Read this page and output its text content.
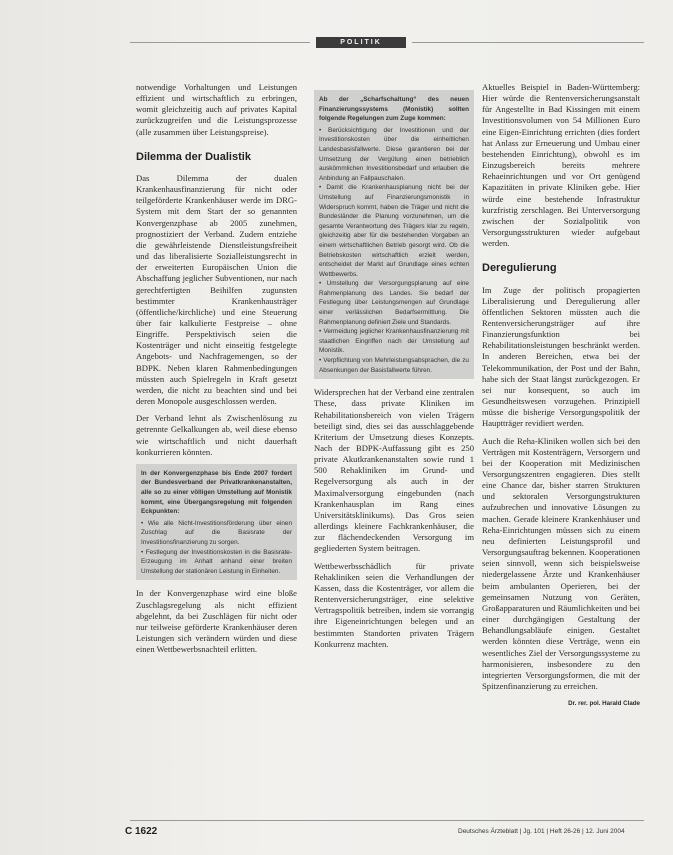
POLITIK

notwendige Vorhaltungen und Leistungen effizient und wirtschaftlich zu erbringen, womit gleichzeitig auch auf privates Kapital zurückzugreifen und die Leistungsprozesse (alle zusammen über Leistungspreise).

Dilemma der Dualistik

Das Dilemma der dualen Krankenhausfinanzierung für nicht oder teilgeförderte Krankenhäuser werde im DRG-System mit dem Start der so genannten Konvergenzphase ab 2005 zunehmen, prognostiziert der Verband. Zudem entziehe die gewährleistende Dienstleistungsfreiheit und das liberalisierte Sozialleistungsrecht in der erweiterten Europäischen Union die Abschaffung jeglicher Subventionen, nur nach gerechtfertigten Beihilfen zugunsten bestimmter Krankenhausträger (öffentliche/kirchliche) und eine Steuerung über fair kalkulierte Festpreise – ohne Eingriffe. Perspektivisch seien die Kostenträger und nicht einseitig festgelegte Angebots- und Nachfragemengen, so der BDPK. Neben klaren Rahmenbedingungen müssten auch Spielregeln in Kraft gesetzt werden, die nicht zu beachten sind und bei deren Monopole ausgeschlossen werden.

Der Verband lehnt als Zwischenlösung zu getrennte Gelkalkungen ab, weil diese ebenso wie wirtschaftlich und nicht dauerhaft konkurrieren könnten.

In der Konvergenzphase bis Ende 2007 fordert der Bundesverband der Privatkrankenanstalten, alle so zu einer völligen Umstellung auf Monistik kommt, eine Übergangsregelung mit folgenden Eckpunkten:

• Wie alle Nicht-Investitionsförderung über einen Zuschlag auf die Basisrate der Investitionsfinanzierung zu sorgen.

• Festlegung der Investitionskosten in die Basisrate-Erzeugung im Anhalt anhand einer breiten Umstellung der stationären Leistung in Einheiten.

In der Konvergenzphase wird eine bloße Zuschlagsregelung als nicht effizient abgelehnt, da bei Zuschlägen für nicht oder nur teilweise geförderte Krankenhäuser deren Leistungen sich verändern würden und diese einen Wettbewerbsnachteil erlitten.

Ab der „Scharfschaltung“ des neuen Finanzierungssystems (Monistik) sollten folgende Regelungen zum Zuge kommen:

• Berücksichtigung der Investitionen und der Investitionskosten über die einheitlichen Landesbasisfallwerte. Diese garantieren bei der Umsetzung der Vergütung einen betrieblich auskömmlichen Investitionsbedarf und erlauben die Anbindung an Fallpauschalen.

• Damit die Krankenhausplanung nicht bei der Umstellung auf Finanzierungsmonistik in Widerspruch kommt, haben die Träger und nicht die Bundesländer die Planung vorzunehmen, um die gesamte Verantwortung des Trägers klar zu regeln, gleichzeitig aber für die bestehenden Vorgaben an einem wirtschaftlichen Betrieb gesorgt wird. Ob die Betriebskosten wirtschaftlich erzielt werden, entscheidet der Markt auf Grundlage eines echten Wettbewerbs.

• Umstellung der Versorgungsplanung auf eine Rahmenplanung des Landes. Sie bedarf der Festlegung über Leistungsmengen auf Grundlage einer verlässlichen Bedarfsermittlung. Die Rahmenplanung definiert Ziele und Standards.

• Vermeidung jeglicher Krankenhausfinanzierung mit staatlichen Eingriffen nach der Umstellung auf Monistik.

• Verpflichtung von Mehrleistungsabsprachen, die zu Absenkungen der Basisfallwerte führen.

Widersprechen hat der Verband eine zentralen These, dass private Kliniken im Rehabilitationsbereich von vielen Trägern beteiligt sind, dies sei das ausschlaggebende Kriterium der Umsetzung dieses Konzepts. Nach der BDPK-Auffassung gibt es 250 private Akutkrankenanstalten sowie rund 1 500 Rehakliniken im Grund- und Regelversorgung als auch in der Maximalversorgung eingebunden (nach Krankenhausplan im Rang eines Universitätsklinikums). Das Gros seien allerdings kleinere Fachkrankenhäuser, die zur flächendeckenden Versorgung im gegliederten System beitragen.

Wettbewerbsschädlich für private Rehakliniken seien die Verhandlungen der Kassen, dass die Kostenträger, vor allem die Rentenversicherungsträger, eine selektive Vertragspolitik betreiben, indem sie vorrangig ihre Eigeneinrichtungen belegen und an bestimmten Standorten privaten Trägern Konkurrenz machten.

Aktuelles Beispiel in Baden-Württemberg: Hier würde die Rentenversicherungsanstalt für Angestellte in Bad Kissingen mit einem Investitionsvolumen von 54 Millionen Euro eine Eigen-Einrichtung errichten (dies fordert hat Anlass zur Erneuerung und Umbau einer bestehenden Einrichtung), obwohl es im Einzugsbereich bereits mehrere Rehaeinrichtungen und vor Ort genügend Kapazitäten in private Kliniken gebe. Hier würde eine bestehende Infrastruktur kurzfristig zerschlagen. Bei Unterversorgung zwischen der Sozialpolitik von Versorgungsstrukturen wieder aufgebaut werden.

Deregulierung

Im Zuge der politisch propagierten Liberalisierung und Deregulierung aller öffentlichen Sektoren müssten auch die Rentenversicherungsträger auf ihre Finanzierungsfunktion bei Rehabilitationsleistungen beschränkt werden. In anderen Bereichen, etwa bei der Telekommunikation, der Post und der Bahn, habe sich der Staat längst zurückgezogen. Er sei nur konsequent, so auch im Gesundheitswesen vorzugehen. Prinzipiell müsse die bisherige Versorgungspolitik der Hauptträger revidiert werden.

Auch die Reha-Kliniken wollen sich bei den Verträgen mit Kostenträgern, Versorgern und bei der Kooperation mit Medizinischen Versorgungszentren engagieren. Dies stellt eine Chance dar, bisher starren Strukturen und sektoralen Versorgungstrukturen aufzubrechen und innovative Lösungen zu machen. Gerade kleinere Krankenhäuser und Reha-Einrichtungen müssen sich zu einem neu definierten Leistungsprofil und Versorgungsauftrag bekennen. Kooperationen seien sinnvoll, wenn sich beispielsweise niedergelassene Ärzte und Krankenhäuser beim ambulanten Operieren, bei der gemeinsamen Nutzung von Geräten, Großapparaturen und Räumlichkeiten und bei einer durchgängigen Gestaltung der Behandlungsabläufe einigen. Gestaltet werden könnten diese Verträge, wenn ein wesentliches Ziel der Versorgungssysteme zu harmonisieren, insbesondere zu den integrierten Versorgungsformen, die mit der Spitzenfinanzierung zu erreichen.

Dr. rer. pol. Harald Clade
C 1622	Deutsches Ärzteblatt | Jg. 101 | Heft 26-26 | 12. Juni 2004
